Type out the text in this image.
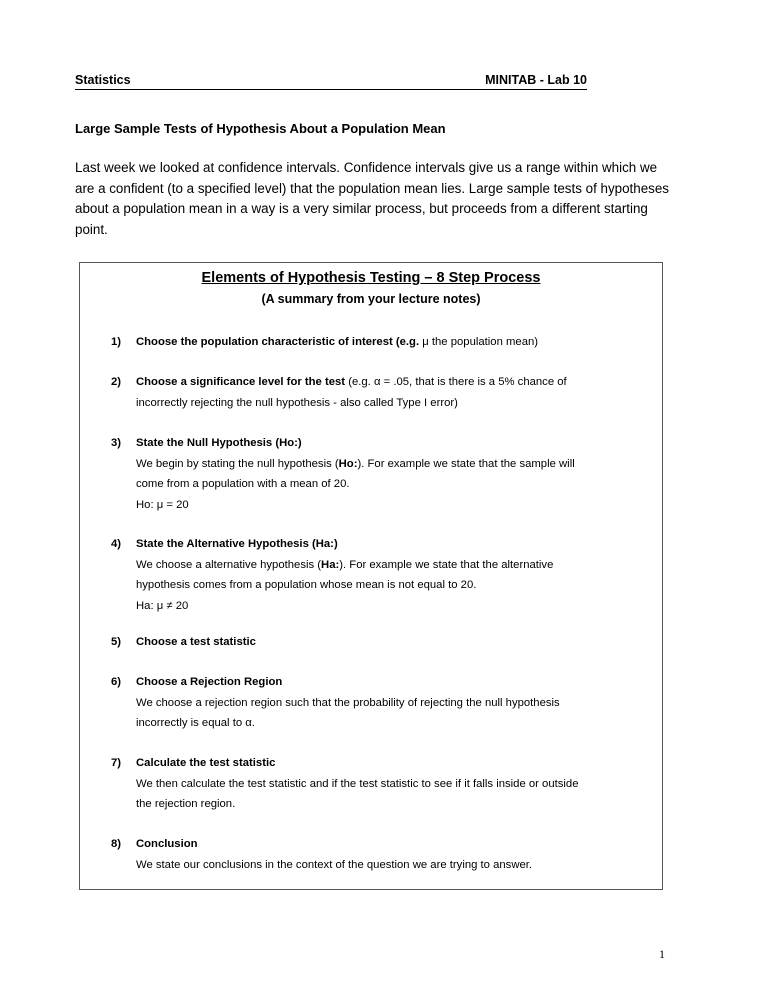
Statistics	MINITAB - Lab 10
Large Sample Tests of Hypothesis About a Population Mean
Last week we looked at confidence intervals. Confidence intervals give us a range within which we are a confident (to a specified level) that the population mean lies. Large sample tests of hypotheses about a population mean in a way is a very similar process, but proceeds from a different starting point.
Elements of Hypothesis Testing – 8 Step Process
(A summary from your lecture notes)
1) Choose the population characteristic of interest (e.g. μ the population mean)
2) Choose a significance level for the test (e.g. α = .05, that is there is a 5% chance of
incorrectly rejecting the null hypothesis - also called Type I error)
3) State the Null Hypothesis (Ho:)
We begin by stating the null hypothesis (Ho:). For example we state that the sample will
come from a population with a mean of 20.
Ho: μ = 20
4) State the Alternative Hypothesis (Ha:)
We choose a alternative hypothesis (Ha:). For example we state that the alternative
hypothesis comes from a population whose mean is not equal to 20.
Ha: μ ≠ 20
5) Choose a test statistic
6) Choose a Rejection Region
We choose a rejection region such that the probability of rejecting the null hypothesis
incorrectly is equal to α.
7) Calculate the test statistic
We then calculate the test statistic and if the test statistic to see if it falls inside or outside
the rejection region.
8) Conclusion
We state our conclusions in the context of the question we are trying to answer.
1
